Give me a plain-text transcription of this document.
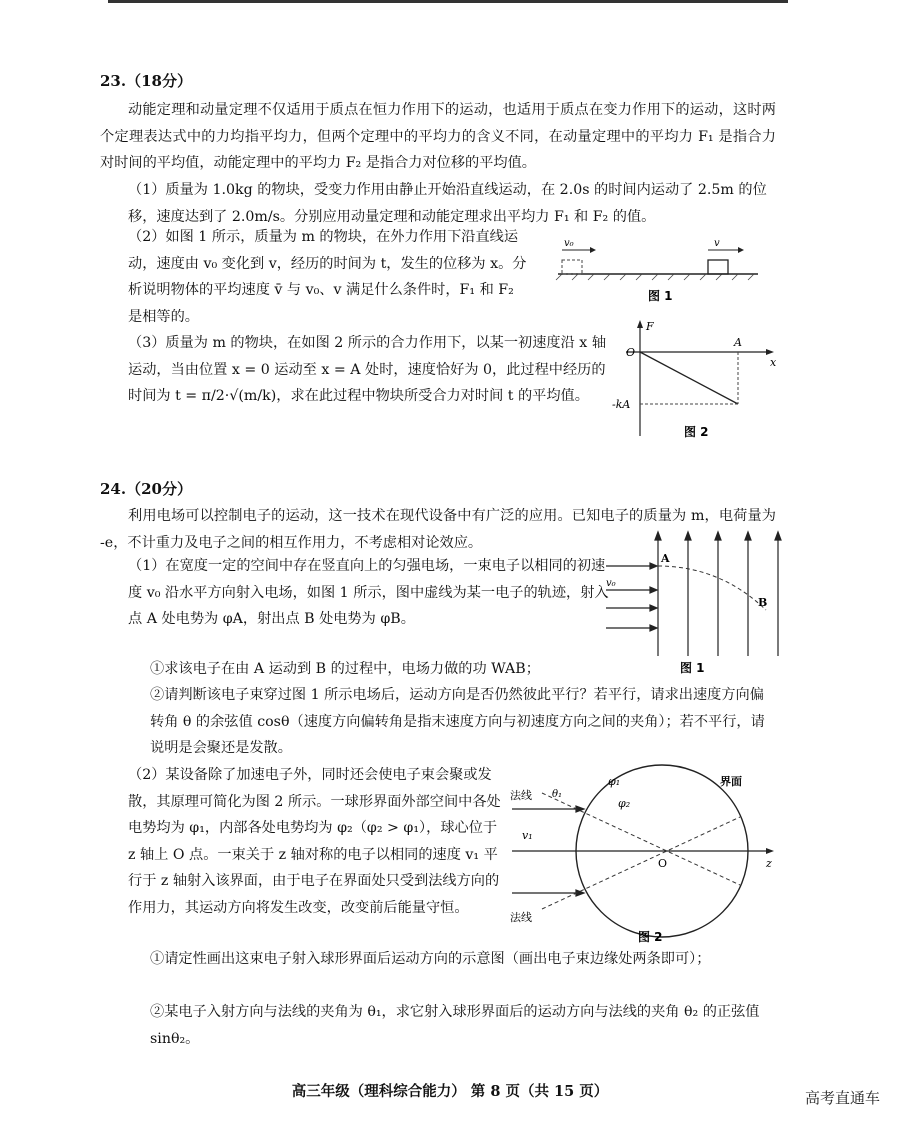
23.（18分）
动能定理和动量定理不仅适用于质点在恒力作用下的运动，也适用于质点在变力作用下的运动，这时两个定理表达式中的力均指平均力，但两个定理中的平均力的含义不同，在动量定理中的平均力 F₁ 是指合力对时间的平均值，动能定理中的平均力 F₂ 是指合力对位移的平均值。
（1）质量为 1.0kg 的物块，受变力作用由静止开始沿直线运动，在 2.0s 的时间内运动了 2.5m 的位移，速度达到了 2.0m/s。分别应用动量定理和动能定理求出平均力 F₁ 和 F₂ 的值。
（2）如图 1 所示，质量为 m 的物块，在外力作用下沿直线运动，速度由 v₀ 变化到 v，经历的时间为 t，发生的位移为 x。分析说明物体的平均速度 v̄ 与 v₀、v 满足什么条件时，F₁ 和 F₂ 是相等的。
（3）质量为 m 的物块，在如图 2 所示的合力作用下，以某一初速度沿 x 轴运动，当由位置 x = 0 运动至 x = A 处时，速度恰好为 0，此过程中经历的时间为 t = π/2·√(m/k)，求在此过程中物块所受合力对时间 t 的平均值。
v₀	v
图 1
F
O
A
x
-kA
图 2
24.（20分）
利用电场可以控制电子的运动，这一技术在现代设备中有广泛的应用。已知电子的质量为 m，电荷量为 -e，不计重力及电子之间的相互作用力，不考虑相对论效应。
（1）在宽度一定的空间中存在竖直向上的匀强电场，一束电子以相同的初速度 v₀ 沿水平方向射入电场，如图 1 所示，图中虚线为某一电子的轨迹，射入点 A 处电势为 φA，射出点 B 处电势为 φB。
①求该电子在由 A 运动到 B 的过程中，电场力做的功 WAB；
②请判断该电子束穿过图 1 所示电场后，运动方向是否仍然彼此平行？若平行，请求出速度方向偏转角 θ 的余弦值 cosθ（速度方向偏转角是指末速度方向与初速度方向之间的夹角）；若不平行，请说明是会聚还是发散。
（2）某设备除了加速电子外，同时还会使电子束会聚或发散，其原理可简化为图 2 所示。一球形界面外部空间中各处电势均为 φ₁，内部各处电势均为 φ₂（φ₂ > φ₁），球心位于 z 轴上 O 点。一束关于 z 轴对称的电子以相同的速度 v₁ 平行于 z 轴射入该界面，由于电子在界面处只受到法线方向的作用力，其运动方向将发生改变，改变前后能量守恒。
①请定性画出这束电子射入球形界面后运动方向的示意图（画出电子束边缘处两条即可）；
②某电子入射方向与法线的夹角为 θ₁，求它射入球形界面后的运动方向与法线的夹角 θ₂ 的正弦值 sinθ₂。
v₀
A
B
图 1
z
O
法线
法线
v₁
θ₁
φ₁
φ₂
界面
图 2
高三年级（理科综合能力） 第 8 页（共 15 页）	高考直通车
